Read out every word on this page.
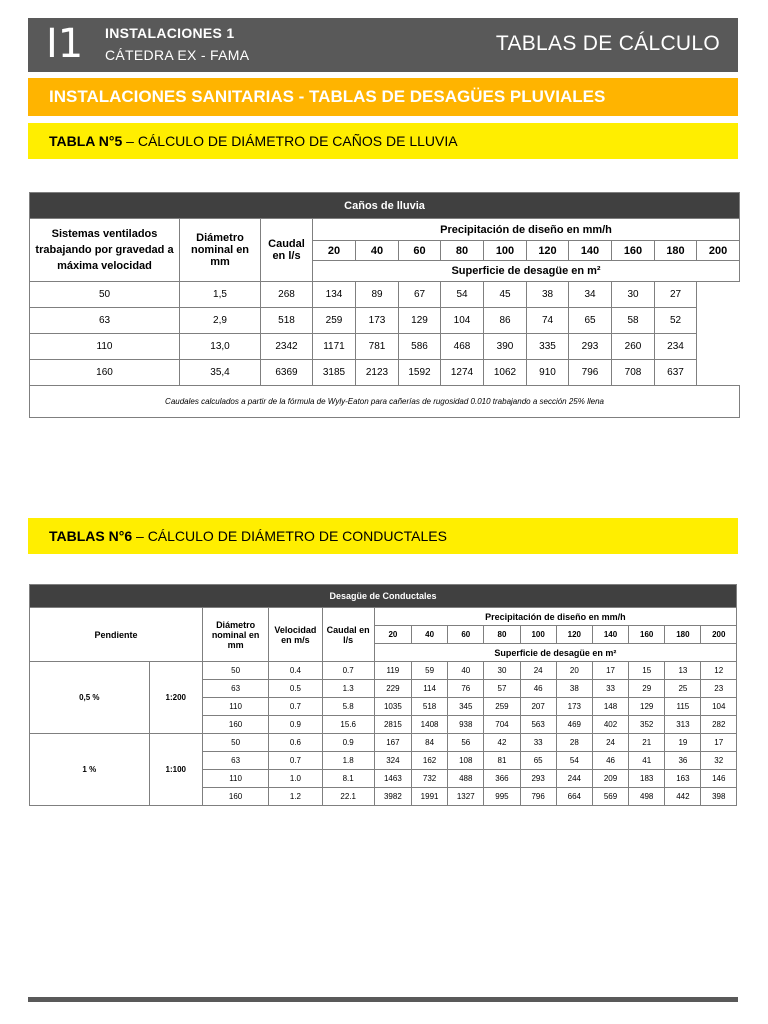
I1 INSTALACIONES 1
CÁTEDRA EX - FAMA	TABLAS DE CÁLCULO
INSTALACIONES SANITARIAS - TABLAS DE DESAGÜES PLUVIALES
TABLA N°5 – CÁLCULO DE DIÁMETRO DE CAÑOS DE LLUVIA
Caños de lluvia												
Sistemas ventilados trabajando por gravedad a máxima velocidad	Diámetro nominal en mm	Caudal en l/s	Precipitación de diseño en mm/h									
			20	40	60	80	100	120	140	160	180	200
			Superficie de desagüe en m²									
50	1,5	268	134	89	67	54	45	38	34	30	27	
63	2,9	518	259	173	129	104	86	74	65	58	52	
110	13,0	2342	1171	781	586	468	390	335	293	260	234	
160	35,4	6369	3185	2123	1592	1274	1062	910	796	708	637	
Caudales calculados a partir de la fórmula de Wyly-Eaton para cañerías de rugosidad 0.010 trabajando a sección 25% llena												
TABLAS N°6 – CÁLCULO DE DIÁMETRO DE CONDUCTALES
Desagüe de Conductales														
Pendiente		Diámetro nominal en mm	Velocidad en m/s	Caudal en l/s	Precipitación de diseño en mm/h									
					20	40	60	80	100	120	140	160	180	200
					Superficie de desagüe en m²									
0,5 %	1:200	50	0.4	0.7	119	59	40	30	24	20	17	15	13	12
		63	0.5	1.3	229	114	76	57	46	38	33	29	25	23
		110	0.7	5.8	1035	518	345	259	207	173	148	129	115	104
		160	0.9	15.6	2815	1408	938	704	563	469	402	352	313	282
1 %	1:100	50	0.6	0.9	167	84	56	42	33	28	24	21	19	17
		63	0.7	1.8	324	162	108	81	65	54	46	41	36	32
		110	1.0	8.1	1463	732	488	366	293	244	209	183	163	146
		160	1.2	22.1	3982	1991	1327	995	796	664	569	498	442	398
